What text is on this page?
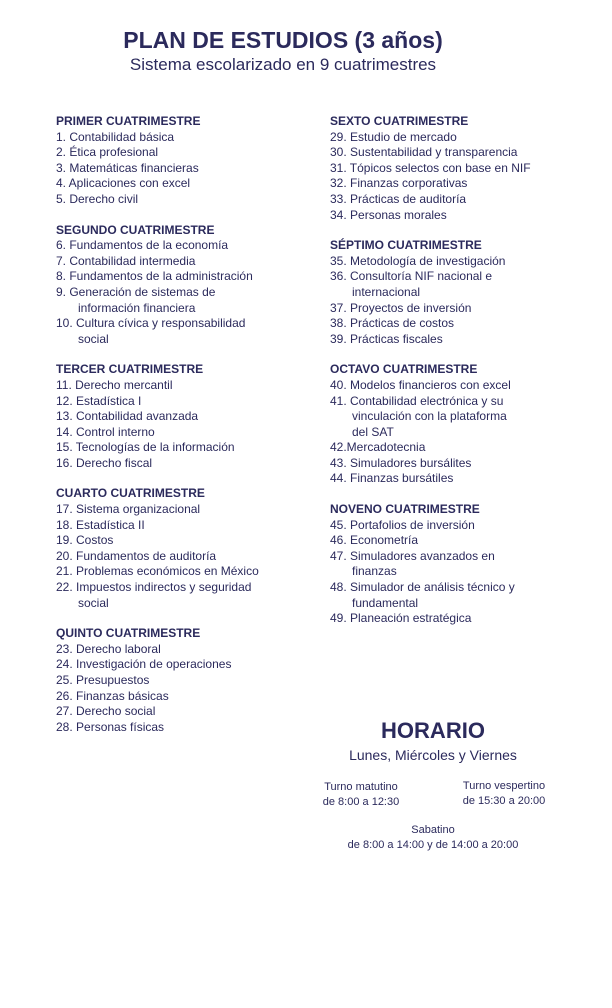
PLAN DE ESTUDIOS (3 años)
Sistema escolarizado en 9 cuatrimestres
PRIMER CUATRIMESTRE
1. Contabilidad básica
2. Ética profesional
3. Matemáticas financieras
4. Aplicaciones con excel
5. Derecho civil
SEGUNDO CUATRIMESTRE
6. Fundamentos de la economía
7. Contabilidad intermedia
8. Fundamentos de la administración
9. Generación de sistemas de
información financiera
10. Cultura cívica y responsabilidad
social
TERCER CUATRIMESTRE
11. Derecho mercantil
12. Estadística I
13. Contabilidad avanzada
14. Control interno
15. Tecnologías de la información
16. Derecho fiscal
CUARTO CUATRIMESTRE
17. Sistema organizacional
18. Estadística II
19. Costos
20. Fundamentos de auditoría
21. Problemas económicos en México
22. Impuestos indirectos y seguridad
social
QUINTO CUATRIMESTRE
23. Derecho laboral
24. Investigación de operaciones
25. Presupuestos
26. Finanzas básicas
27. Derecho social
28. Personas físicas
SEXTO CUATRIMESTRE
29. Estudio de mercado
30. Sustentabilidad y transparencia
31. Tópicos selectos con base en NIF
32. Finanzas corporativas
33. Prácticas de auditoría
34. Personas morales
SÉPTIMO CUATRIMESTRE
35. Metodología de investigación
36. Consultoría NIF nacional e
internacional
37. Proyectos de inversión
38. Prácticas de costos
39. Prácticas fiscales
OCTAVO CUATRIMESTRE
40. Modelos financieros con excel
41. Contabilidad electrónica y su
vinculación con la plataforma
del SAT
42.Mercadotecnia
43. Simuladores bursálites
44. Finanzas bursátiles
NOVENO CUATRIMESTRE
45. Portafolios de inversión
46. Econometría
47. Simuladores avanzados en
finanzas
48. Simulador de análisis técnico y
fundamental
49. Planeación estratégica
HORARIO
Lunes, Miércoles y Viernes
Turno matutino
de 8:00 a 12:30
Turno vespertino
de 15:30 a 20:00
Sabatino
de 8:00 a 14:00 y de 14:00 a 20:00
